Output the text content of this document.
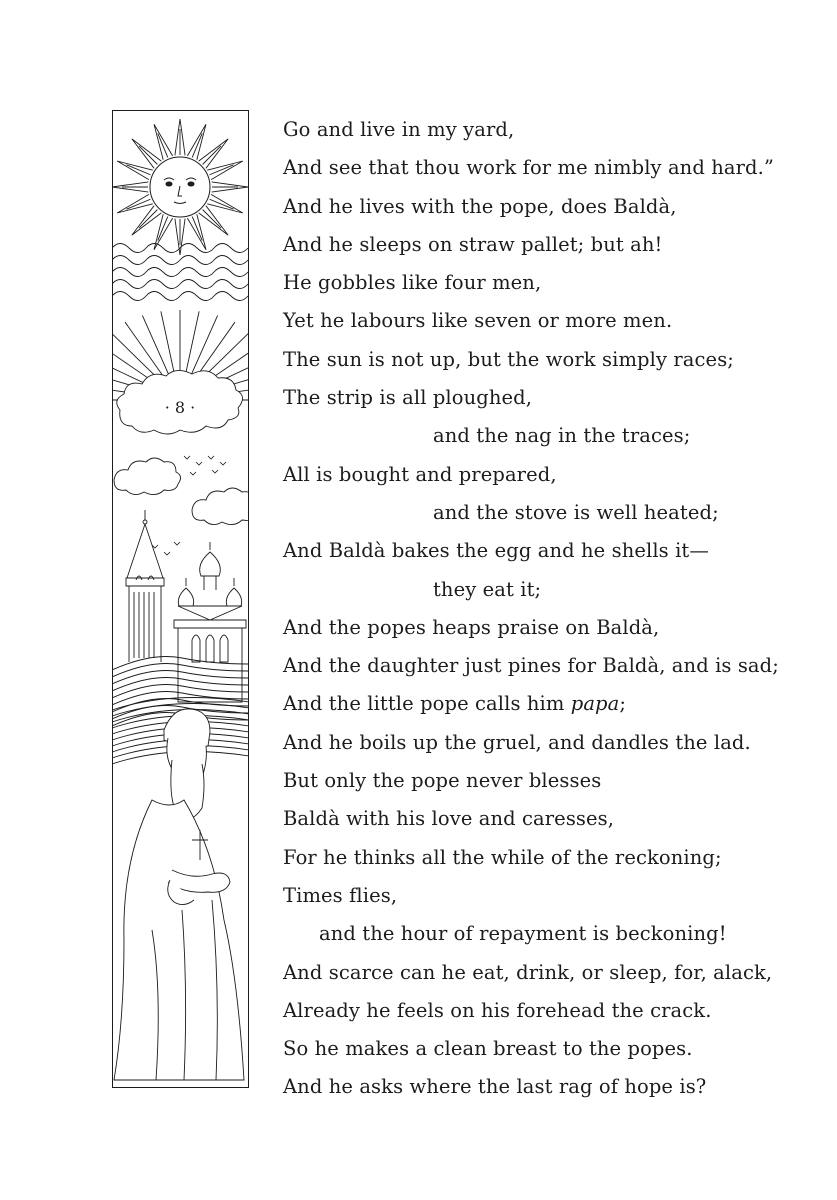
· 8 ·
Go and live in my yard,
And see that thou work for me nimbly and hard.”
And he lives with the pope, does Baldà,
And he sleeps on straw pallet; but ah!
He gobbles like four men,
Yet he labours like seven or more men.
The sun is not up, but the work simply races;
The strip is all ploughed,
and the nag in the traces;
All is bought and prepared,
and the stove is well heated;
And Baldà bakes the egg and he shells it—
they eat it;
And the popes heaps praise on Baldà,
And the daughter just pines for Baldà, and is sad;
And the little pope calls him papa;
And he boils up the gruel, and dandles the lad.
But only the pope never blesses
Baldà with his love and caresses,
For he thinks all the while of the reckoning;
Times flies,
and the hour of repayment is beckoning!
And scarce can he eat, drink, or sleep, for, alack,
Already he feels on his forehead the crack.
So he makes a clean breast to the popes.
And he asks where the last rag of hope is?
